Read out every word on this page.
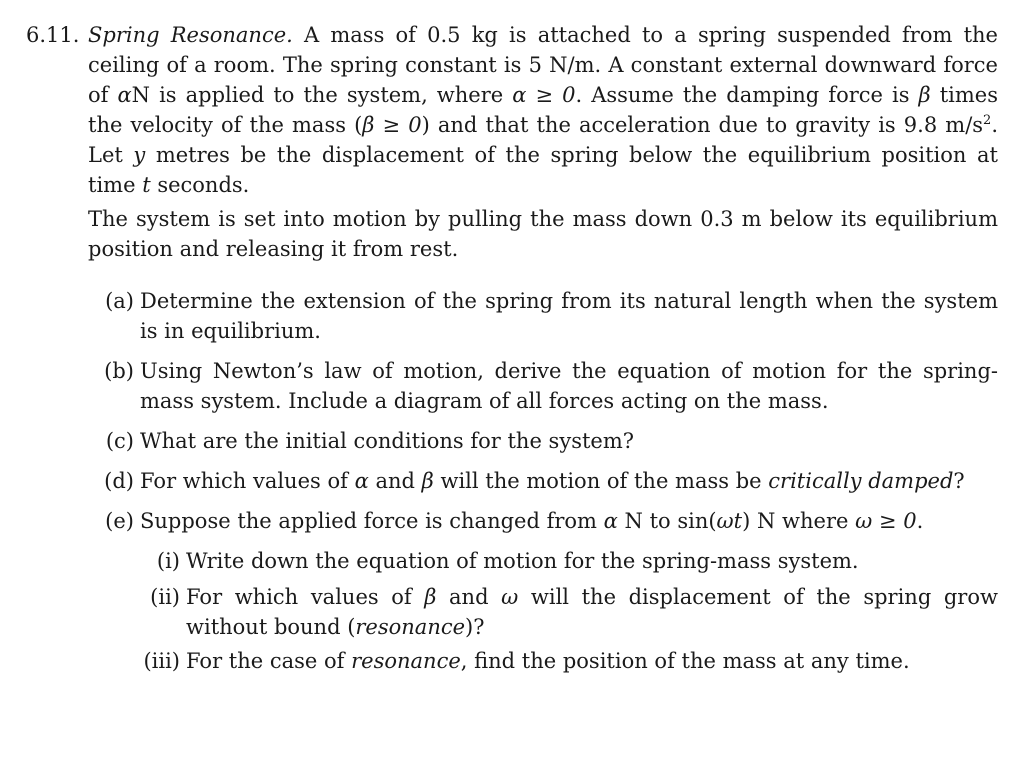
6.11. Spring Resonance. A mass of 0.5 kg is attached to a spring suspended from the ceiling of a room. The spring constant is 5 N/m. A constant external downward force of αN is applied to the system, where α ≥ 0. Assume the damping force is β times the velocity of the mass (β ≥ 0) and that the acceleration due to gravity is 9.8 $m/s^2$. Let y metres be the displacement of the spring below the equilibrium position at time t seconds.
The system is set into motion by pulling the mass down 0.3 m below its equilibrium position and releasing it from rest.
(a) Determine the extension of the spring from its natural length when the system is in equilibrium.
(b) Using Newton’s law of motion, derive the equation of motion for the spring-mass system. Include a diagram of all forces acting on the mass.
(c) What are the initial conditions for the system?
(d) For which values of α and β will the motion of the mass be critically damped?
(e) Suppose the applied force is changed from α N to sin(ωt) N where ω ≥ 0.
(i) Write down the equation of motion for the spring-mass system.
(ii) For which values of β and ω will the displacement of the spring grow without bound (resonance)?
(iii) For the case of resonance, find the position of the mass at any time.
